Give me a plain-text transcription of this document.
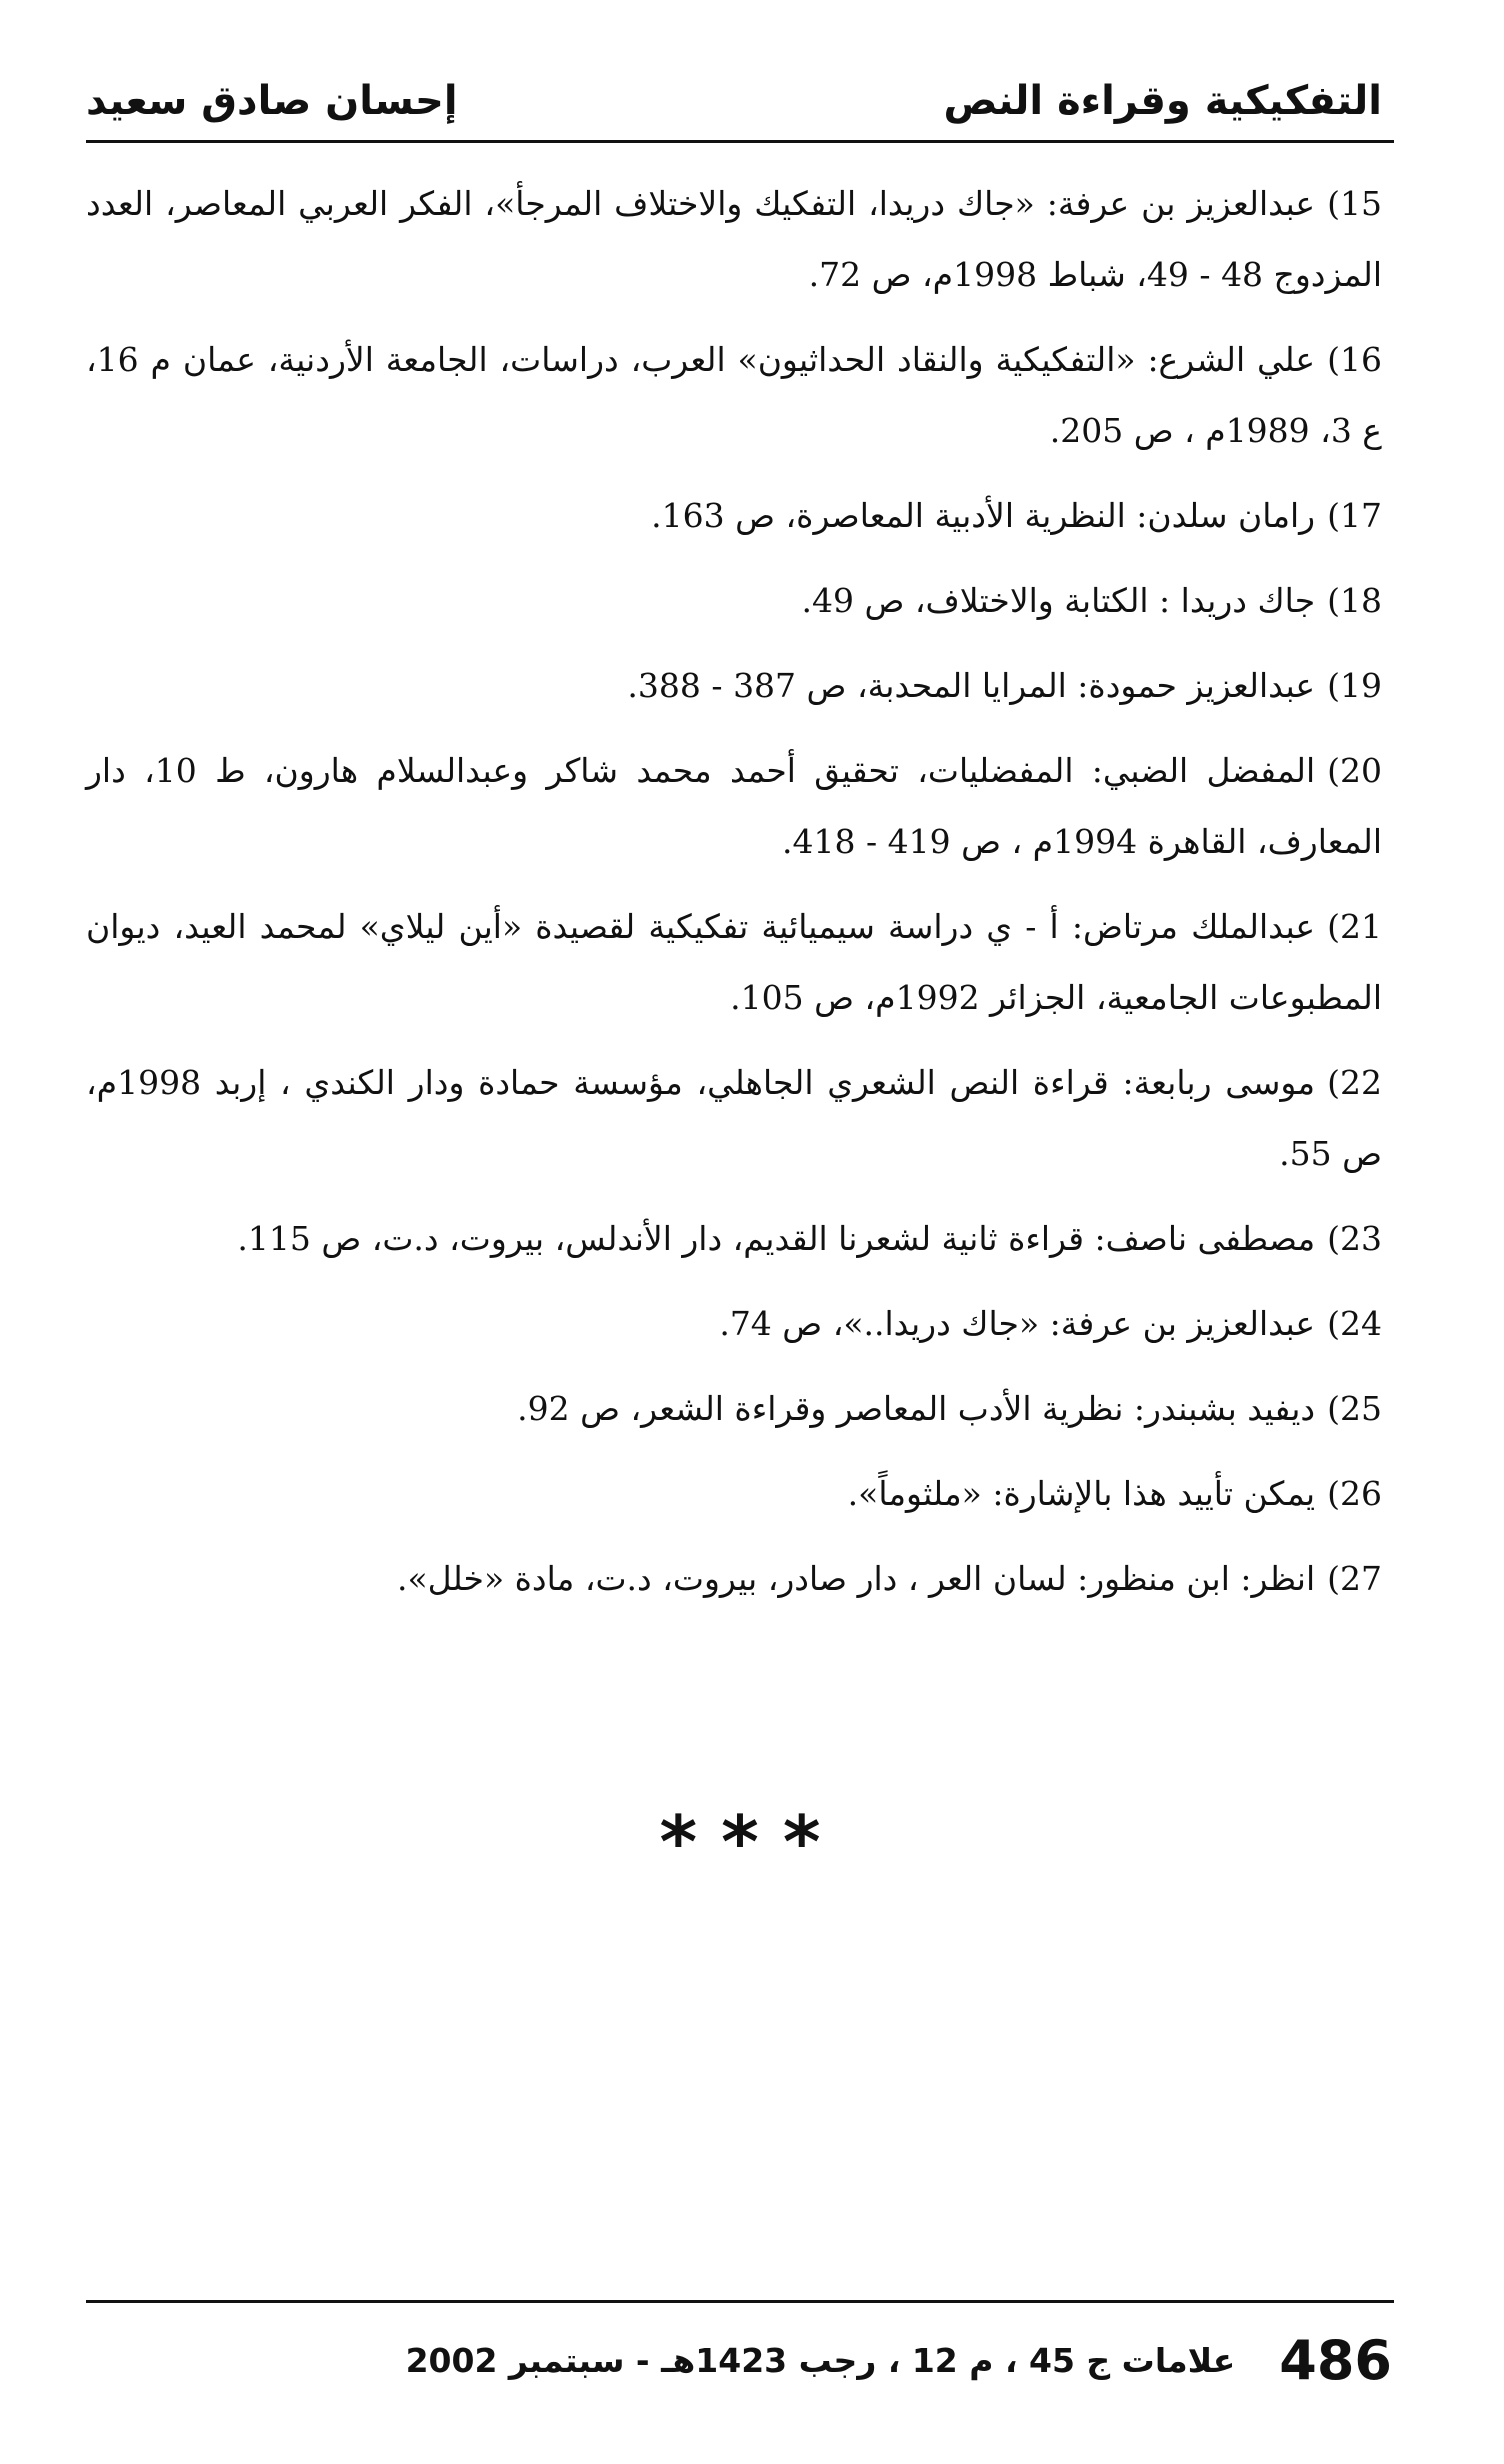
التفكيكية وقراءة النص
إحسان صادق سعيد

15)عبدالعزيز بن عرفة: «جاك دريدا، التفكيك والاختلاف المرجأ»، الفكر العربي المعاصر، العدد المزدوج 48 - 49، شباط 1998م، ص 72.

16)علي الشرع: «التفكيكية والنقاد الحداثيون» العرب، دراسات، الجامعة الأردنية، عمان م 16، ع 3، 1989م ، ص 205.

17)رامان سلدن: النظرية الأدبية المعاصرة، ص 163.

18)جاك دريدا : الكتابة والاختلاف، ص 49.

19)عبدالعزيز حمودة: المرايا المحدبة، ص 387 - 388.

20)المفضل الضبي: المفضليات، تحقيق أحمد محمد شاكر وعبدالسلام هارون، ط 10، دار المعارف، القاهرة 1994م ، ص 419 - 418.

21)عبدالملك مرتاض: أ - ي دراسة سيميائية تفكيكية لقصيدة «أين ليلاي» لمحمد العيد، ديوان المطبوعات الجامعية، الجزائر 1992م، ص 105.

22)موسى ربابعة: قراءة النص الشعري الجاهلي، مؤسسة حمادة ودار الكندي ، إربد 1998م، ص 55.

23)مصطفى ناصف: قراءة ثانية لشعرنا القديم، دار الأندلس، بيروت، د.ت، ص 115.

24)عبدالعزيز بن عرفة: «جاك دريدا..»، ص 74.

25)ديفيد بشبندر: نظرية الأدب المعاصر وقراءة الشعر، ص 92.

26)يمكن تأييد هذا بالإشارة: «ملثوماً».

27)انظر: ابن منظور: لسان العر ، دار صادر، بيروت، د.ت، مادة «خلل».

***
486
علامات ج 45 ، م 12 ، رجب 1423هـ - سبتمبر 2002
